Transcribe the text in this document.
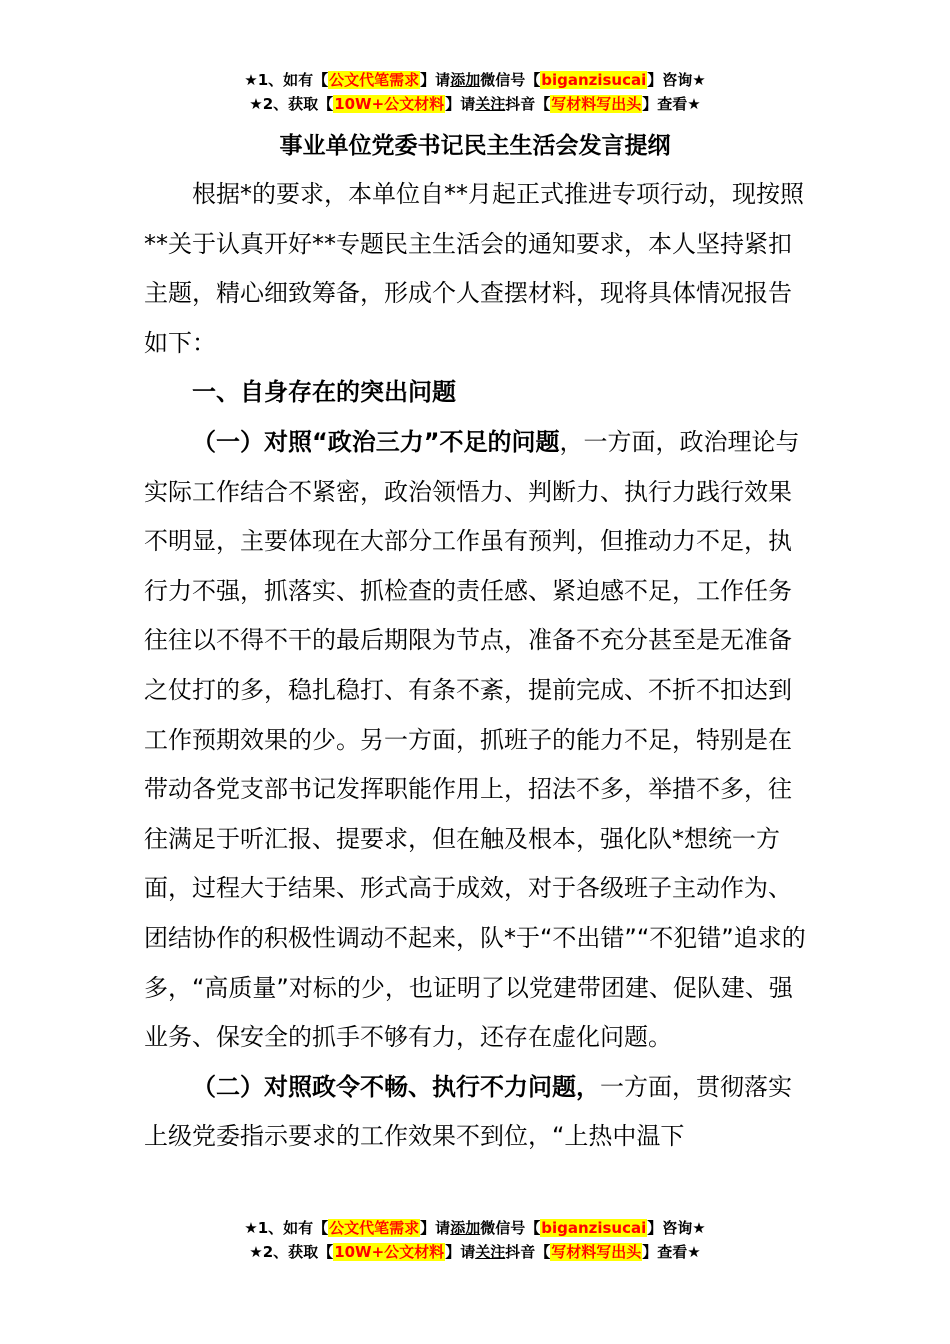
★1、如有【公文代笔需求】请添加微信号【biganzisucai】咨询★
★2、获取【10W+公文材料】请关注抖音【写材料写出头】查看★
事业单位党委书记民主生活会发言提纲

根据*的要求，本单位自**月起正式推进专项行动，现按照**关于认真开好**专题民主生活会的通知要求，本人坚持紧扣主题，精心细致筹备，形成个人查摆材料，现将具体情况报告如下：

一、自身存在的突出问题

（一）对照“政治三力”不足的问题，一方面，政治理论与实际工作结合不紧密，政治领悟力、判断力、执行力践行效果不明显，主要体现在大部分工作虽有预判，但推动力不足，执行力不强，抓落实、抓检查的责任感、紧迫感不足，工作任务往往以不得不干的最后期限为节点，准备不充分甚至是无准备之仗打的多，稳扎稳打、有条不紊，提前完成、不折不扣达到工作预期效果的少。另一方面，抓班子的能力不足，特别是在带动各党支部书记发挥职能作用上，招法不多，举措不多，往往满足于听汇报、提要求，但在触及根本，强化队*想统一方面，过程大于结果、形式高于成效，对于各级班子主动作为、团结协作的积极性调动不起来，队*于“不出错”“不犯错”追求的多，“高质量”对标的少，也证明了以党建带团建、促队建、强业务、保安全的抓手不够有力，还存在虚化问题。

（二）对照政令不畅、执行不力问题，一方面，贯彻落实上级党委指示要求的工作效果不到位，“上热中温下

★1、如有【公文代笔需求】请添加微信号【biganzisucai】咨询★
★2、获取【10W+公文材料】请关注抖音【写材料写出头】查看★
